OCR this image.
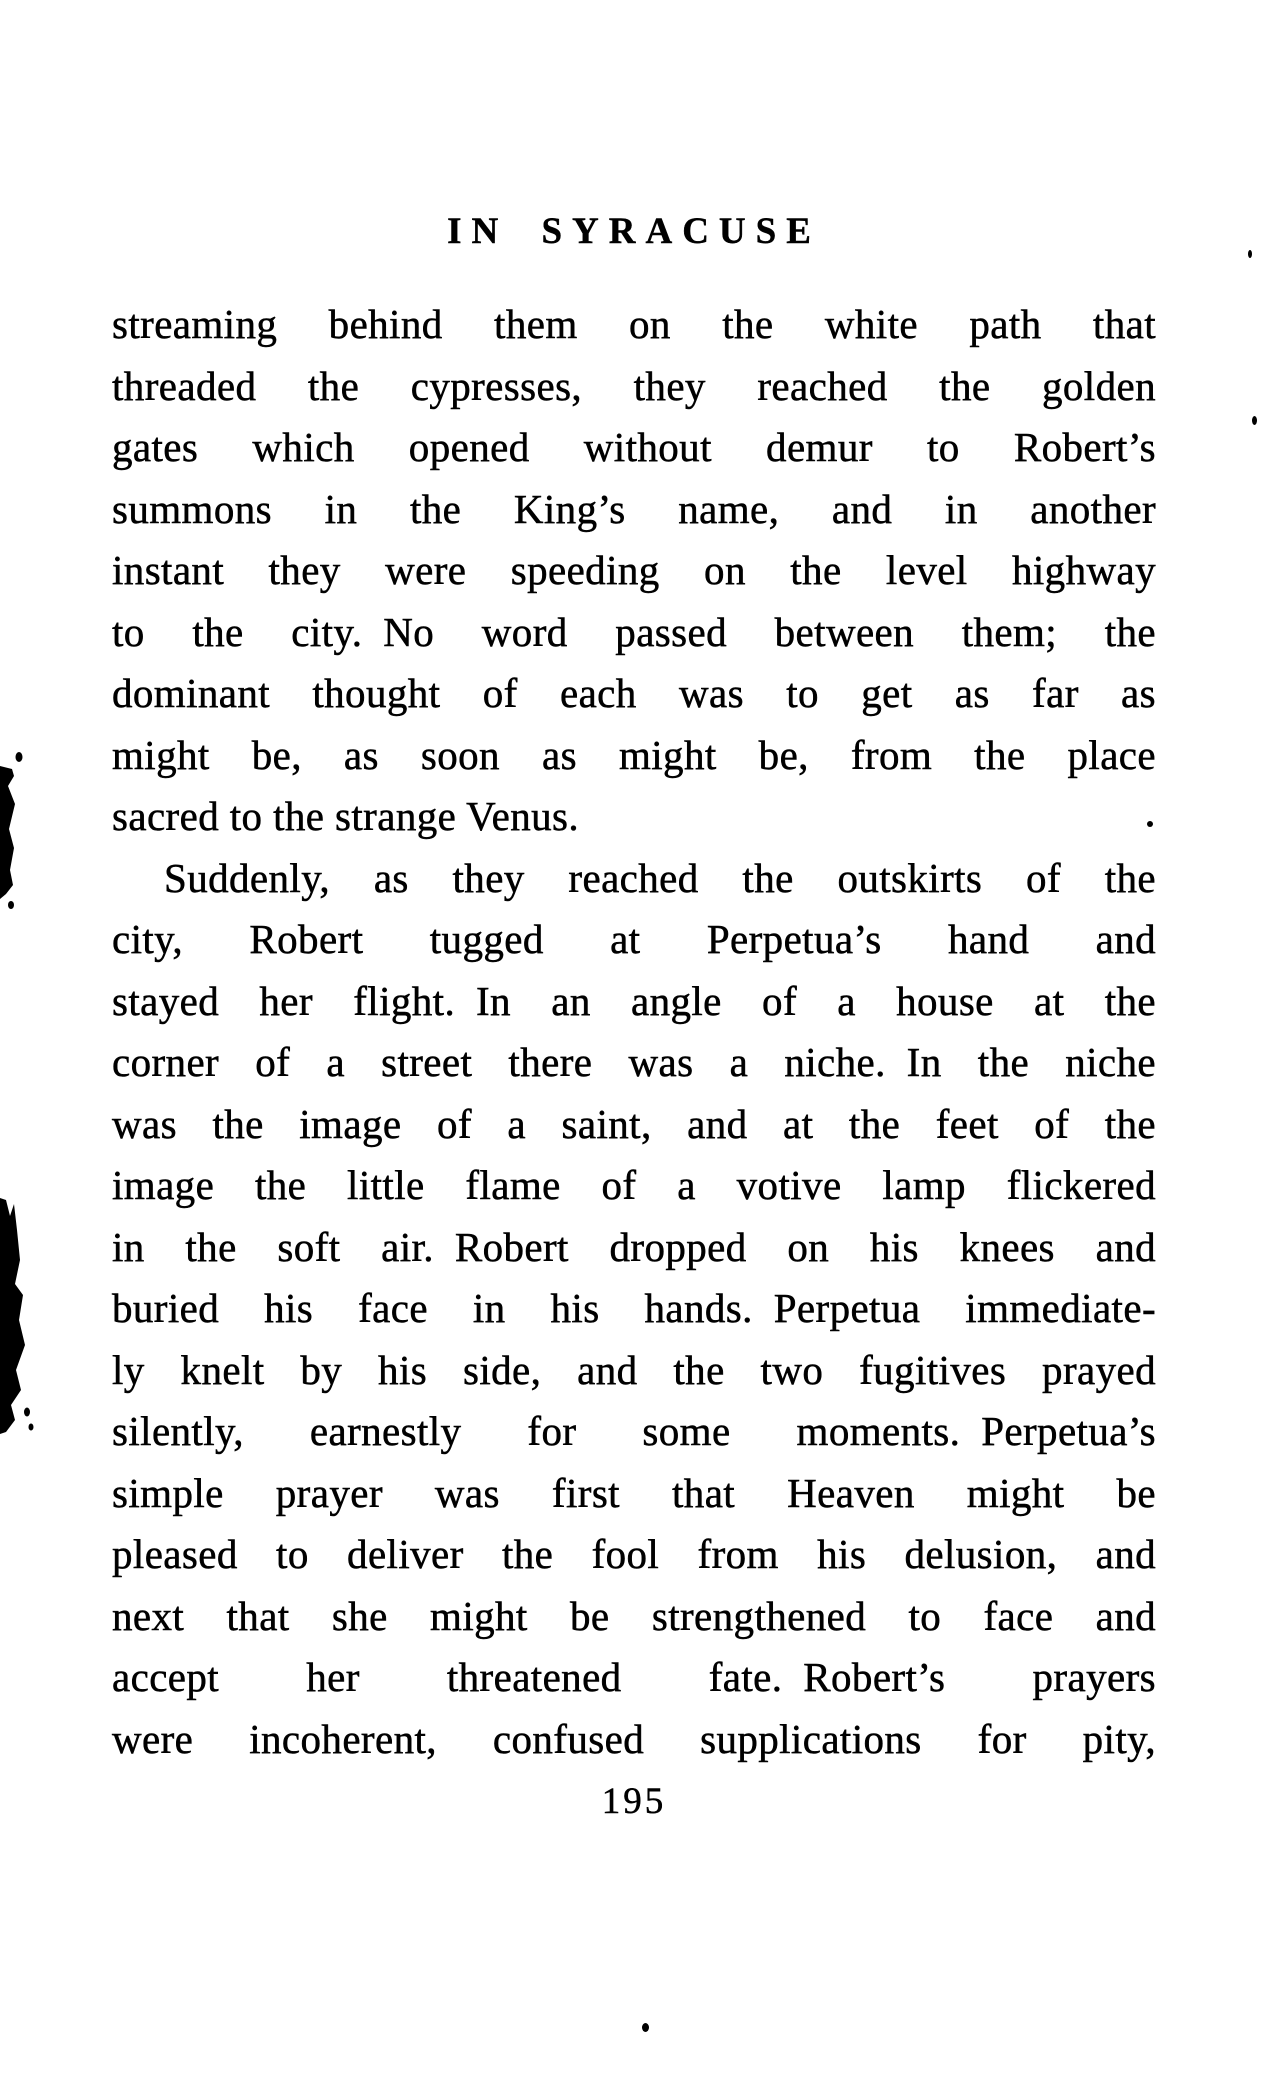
IN SYRACUSE
streaming behind them on the white path that
threaded the cypresses, they reached the golden
gates which opened without demur to Robert’s
summons in the King’s name, and in another
instant they were speeding on the level highway
to the city. No word passed between them; the
dominant thought of each was to get as far as
might be, as soon as might be, from the place
sacred to the strange Venus.
Suddenly, as they reached the outskirts of the
city, Robert tugged at Perpetua’s hand and
stayed her flight. In an angle of a house at the
corner of a street there was a niche. In the niche
was the image of a saint, and at the feet of the
image the little flame of a votive lamp flickered
in the soft air. Robert dropped on his knees and
buried his face in his hands. Perpetua immediate-
ly knelt by his side, and the two fugitives prayed
silently, earnestly for some moments. Perpetua’s
simple prayer was first that Heaven might be
pleased to deliver the fool from his delusion, and
next that she might be strengthened to face and
accept her threatened fate. Robert’s prayers
were incoherent, confused supplications for pity,
195
